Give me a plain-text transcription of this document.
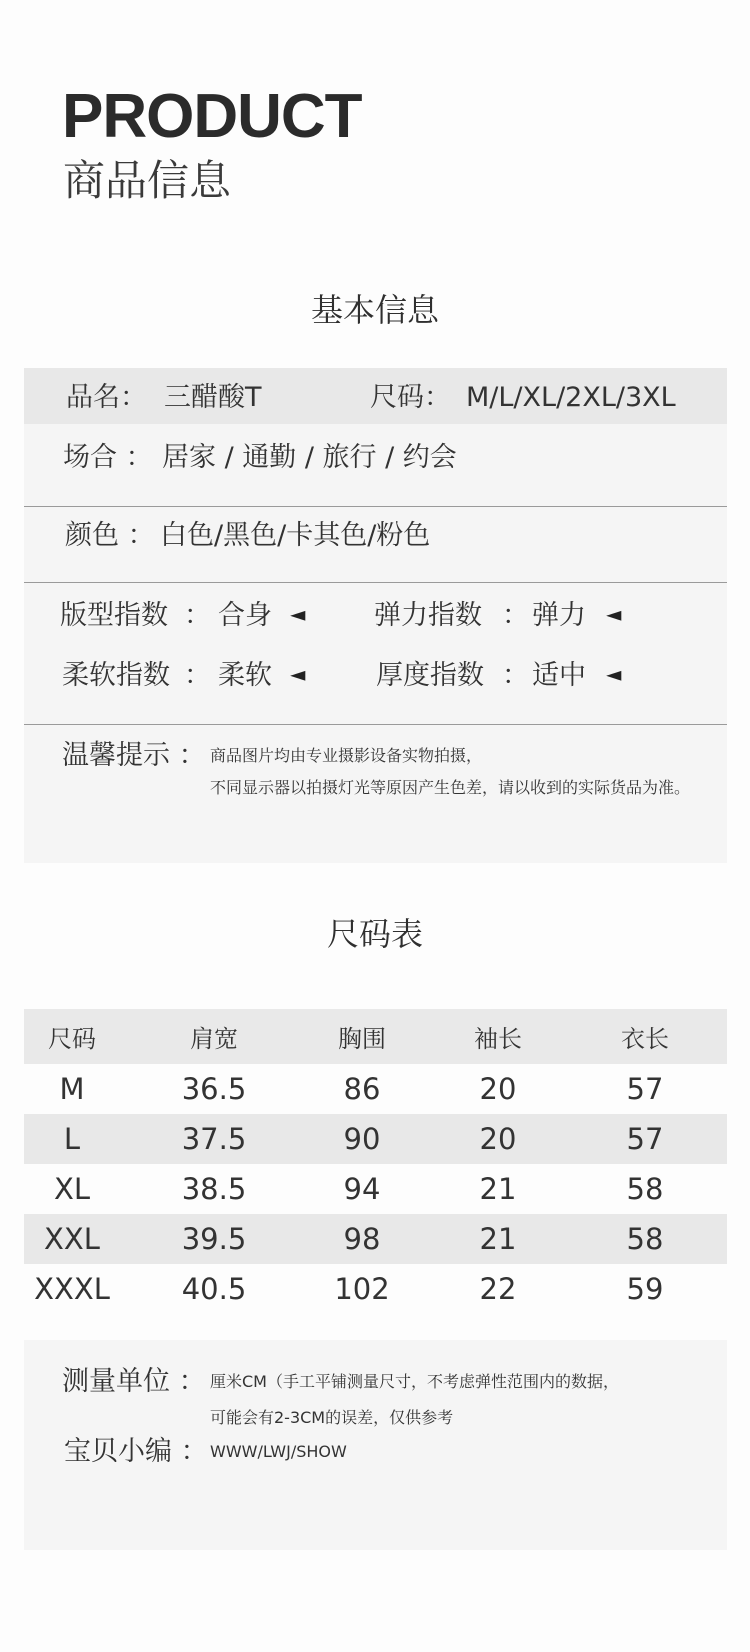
PRODUCT
商品信息
基本信息
品名： 三醋酸T	尺码： M/L/XL/2XL/3XL
场合 ： 居家 / 通勤 / 旅行 / 约会
颜色 ： 白色/黑色/卡其色/粉色
版型指数 ： 合身 ◄	弹力指数 ： 弹力 ◄
柔软指数 ： 柔软 ◄	厚度指数 ： 适中 ◄
温馨提示 ： 商品图片均由专业摄影设备实物拍摄，
不同显示器以拍摄灯光等原因产生色差，请以收到的实际货品为准。
尺码表
尺码	肩宽	胸围	袖长	衣长
M	36.5	86	20	57
L	37.5	90	20	57
XL	38.5	94	21	58
XXL	39.5	98	21	58
XXXL 40.5	102	22	59
测量单位 ： 厘米CM（手工平铺测量尺寸，不考虑弹性范围内的数据，
可能会有2-3CM的误差，仅供参考
宝贝小编 ： WWW/LWJ/SHOW
